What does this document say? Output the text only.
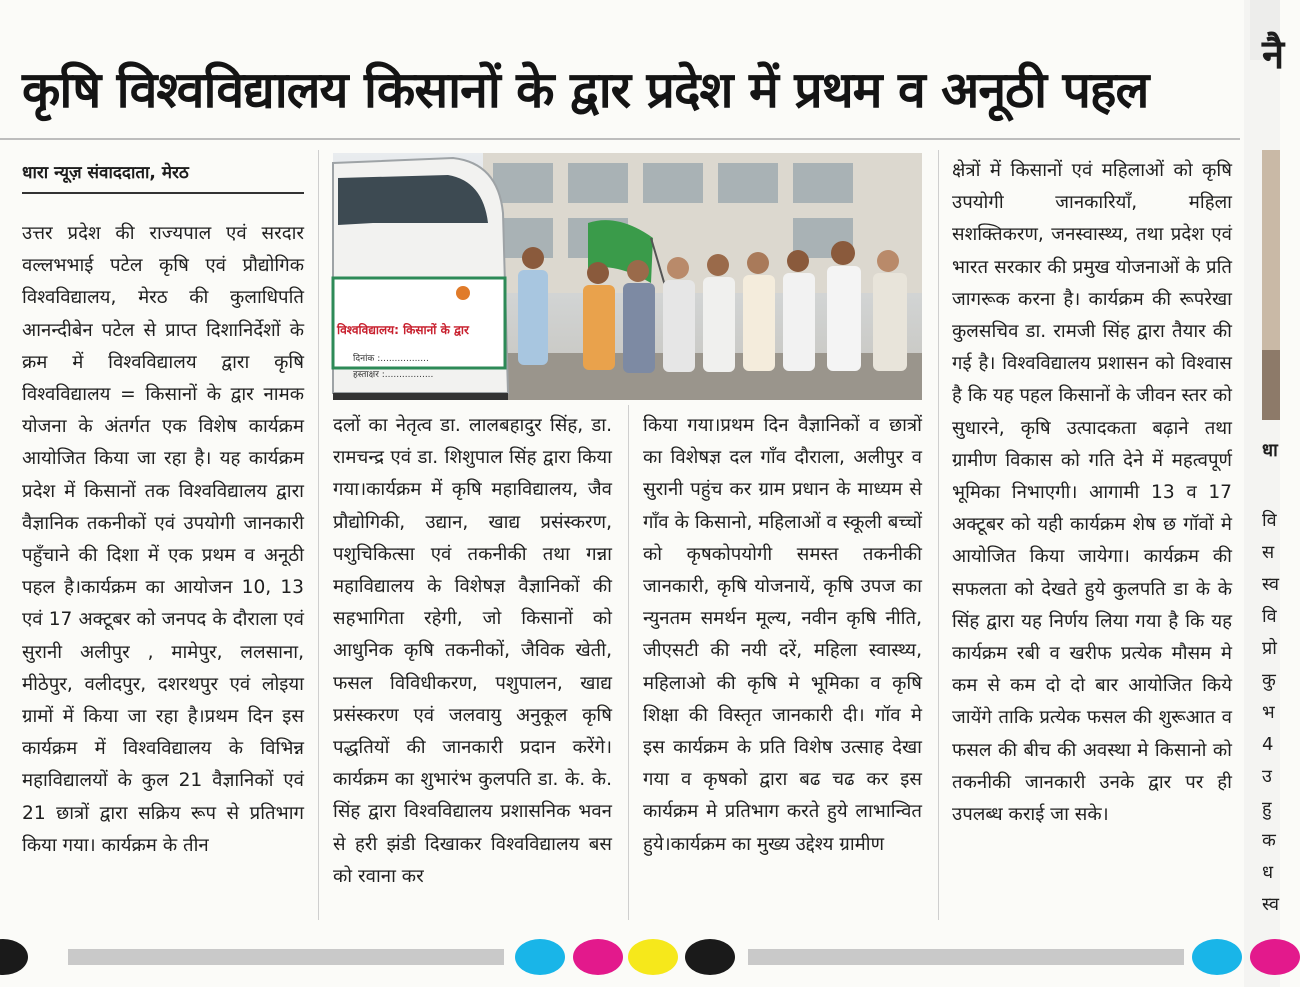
कृषि विश्वविद्यालय किसानों के द्वार प्रदेश में प्रथम व अनूठी पहल
धारा न्यूज़ संवाददाता, मेरठ

उत्तर प्रदेश की राज्यपाल एवं सरदार वल्लभभाई पटेल कृषि एवं प्रौद्योगिक विश्वविद्यालय, मेरठ की कुलाधिपति आनन्दीबेन पटेल से प्राप्त दिशानिर्देशों के क्रम में विश्वविद्यालय द्वारा कृषि विश्वविद्यालय = किसानों के द्वार नामक योजना के अंतर्गत एक विशेष कार्यक्रम आयोजित किया जा रहा है। यह कार्यक्रम प्रदेश में किसानों तक विश्वविद्यालय द्वारा वैज्ञानिक तकनीकों एवं उपयोगी जानकारी पहुँचाने की दिशा में एक प्रथम व अनूठी पहल है।कार्यक्रम का आयोजन 10, 13 एवं 17 अक्टूबर को जनपद के दौराला एवं सुरानी अलीपुर , मामेपुर, ललसाना, मीठेपुर, वलीदपुर, दशरथपुर एवं लोइया ग्रामों में किया जा रहा है।प्रथम दिन इस कार्यक्रम में विश्वविद्यालय के विभिन्न महाविद्यालयों के कुल 21 वैज्ञानिकों एवं 21 छात्रों द्वारा सक्रिय रूप से प्रतिभाग किया गया। कार्यक्रम के तीन

विश्वविद्यालय: किसानों के द्वार
दिनांक :.................
हस्ताक्षर :.................

दलों का नेतृत्व डा. लालबहादुर सिंह, डा. रामचन्द्र एवं डा. शिशुपाल सिंह द्वारा किया गया।कार्यक्रम में कृषि महाविद्यालय, जैव प्रौद्योगिकी, उद्यान, खाद्य प्रसंस्करण, पशुचिकित्सा एवं तकनीकी तथा गन्ना महाविद्यालय के विशेषज्ञ वैज्ञानिकों की सहभागिता रहेगी, जो किसानों को आधुनिक कृषि तकनीकों, जैविक खेती, फसल विविधीकरण, पशुपालन, खाद्य प्रसंस्करण एवं जलवायु अनुकूल कृषि पद्धतियों की जानकारी प्रदान करेंगे।कार्यक्रम का शुभारंभ कुलपति डा. के. के. सिंह द्वारा विश्वविद्यालय प्रशासनिक भवन से हरी झंडी दिखाकर विश्वविद्यालय बस को रवाना कर

किया गया।प्रथम दिन वैज्ञानिकों व छात्रों का विशेषज्ञ दल गाँव दौराला, अलीपुर व सुरानी पहुंच कर ग्राम प्रधान के माध्यम से गाँव के किसानो, महिलाओं व स्कूली बच्चों को कृषकोपयोगी समस्त तकनीकी जानकारी, कृषि योजनायें, कृषि उपज का न्युनतम समर्थन मूल्य, नवीन कृषि नीति, जीएसटी की नयी दरें, महिला स्वास्थ्य, महिलाओ की कृषि मे भूमिका व कृषि शिक्षा की विस्तृत जानकारी दी। गॉव मे इस कार्यक्रम के प्रति विशेष उत्साह देखा गया व कृषको द्वारा बढ चढ कर इस कार्यक्रम मे प्रतिभाग करते हुये लाभान्वित हुये।कार्यक्रम का मुख्य उद्देश्य ग्रामीण

क्षेत्रों में किसानों एवं महिलाओं को कृषि उपयोगी जानकारियाँ, महिला सशक्तिकरण, जनस्वास्थ्य, तथा प्रदेश एवं भारत सरकार की प्रमुख योजनाओं के प्रति जागरूक करना है। कार्यक्रम की रूपरेखा कुलसचिव डा. रामजी सिंह द्वारा तैयार की गई है। विश्वविद्यालय प्रशासन को विश्वास है कि यह पहल किसानों के जीवन स्तर को सुधारने, कृषि उत्पादकता बढ़ाने तथा ग्रामीण विकास को गति देने में महत्वपूर्ण भूमिका निभाएगी। आगामी 13 व 17 अक्टूबर को यही कार्यक्रम शेष छ गॉवों मे आयोजित किया जायेगा। कार्यक्रम की सफलता को देखते हुये कुलपति डा के के सिंह द्वारा यह निर्णय लिया गया है कि यह कार्यक्रम रबी व खरीफ प्रत्येक मौसम मे कम से कम दो दो बार आयोजित किये जायेंगे ताकि प्रत्येक फसल की शुरूआत व फसल की बीच की अवस्था मे किसानो को तकनीकी जानकारी उनके द्वार पर ही उपलब्ध कराई जा सके।

नै
धा
वि
स
स्व
वि
प्रो
कु
भ
4
उ
हु
क
ध
स्व
